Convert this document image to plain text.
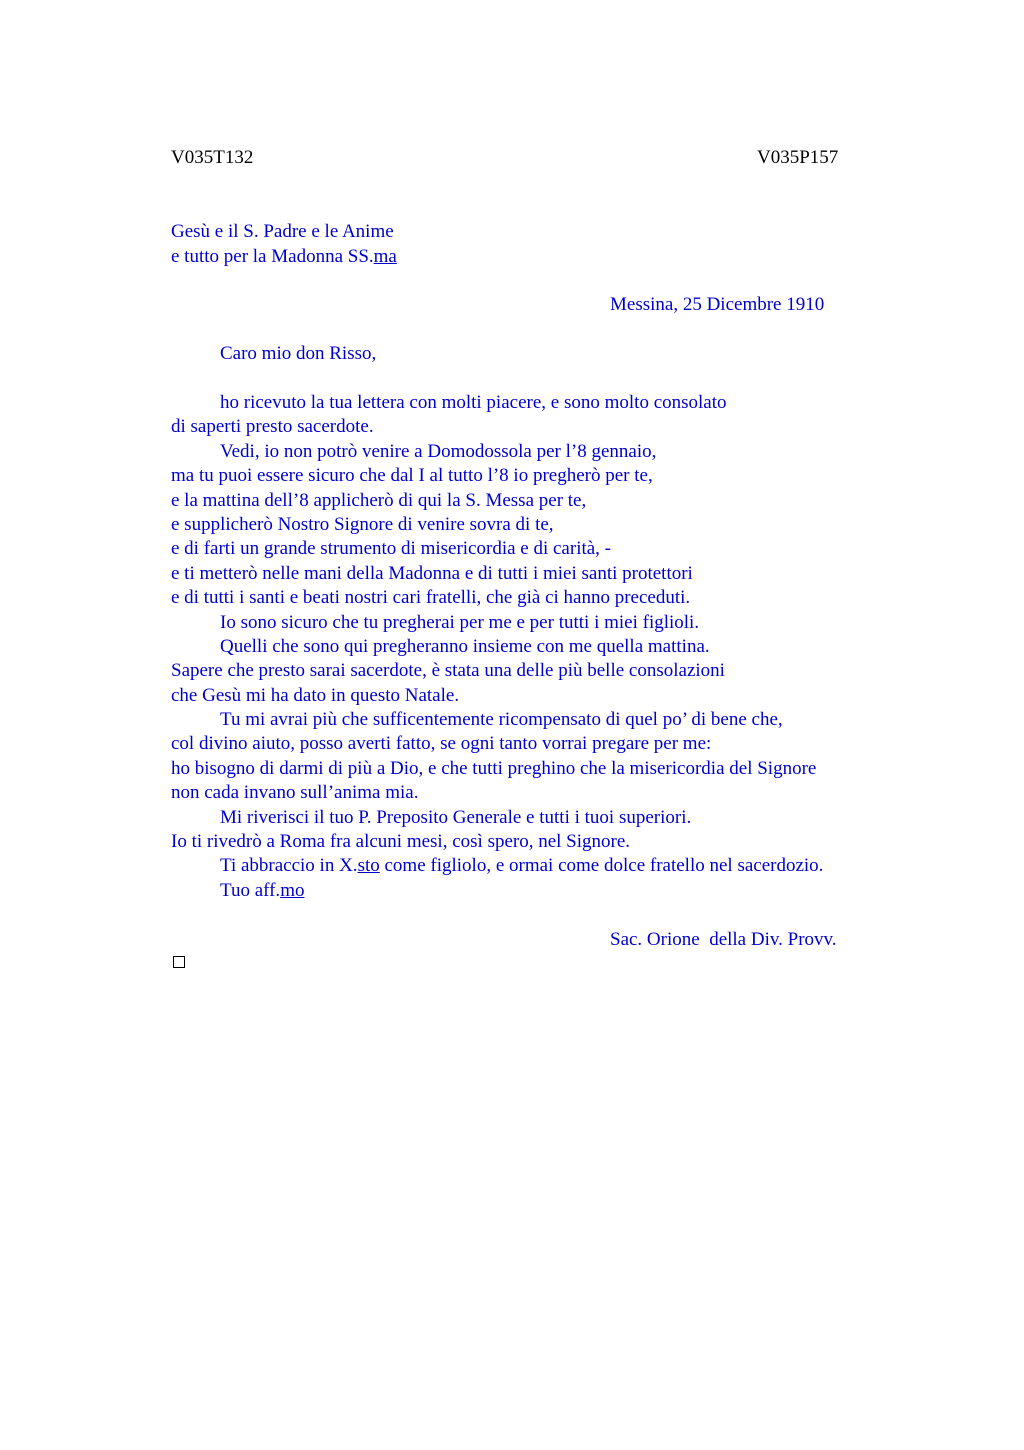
V035T132	V035P157
Gesù e il S. Padre e le Anime
e tutto per la Madonna SS.ma
Messina, 25 Dicembre 1910
Caro mio don Risso,
ho ricevuto la tua lettera con molti piacere, e sono molto consolato
di saperti presto sacerdote.
Vedi, io non potrò venire a Domodossola per l’8 gennaio,
ma tu puoi essere sicuro che dal I al tutto l’8 io pregherò per te,
e la mattina dell’8 applicherò di qui la S. Messa per te,
e supplicherò Nostro Signore di venire sovra di te,
e di farti un grande strumento di misericordia e di carità, -
e ti metterò nelle mani della Madonna e di tutti i miei santi protettori
e di tutti i santi e beati nostri cari fratelli, che già ci hanno preceduti.
Io sono sicuro che tu pregherai per me e per tutti i miei figlioli.
Quelli che sono qui pregheranno insieme con me quella mattina.
Sapere che presto sarai sacerdote, è stata una delle più belle consolazioni
che Gesù mi ha dato in questo Natale.
Tu mi avrai più che sufficentemente ricompensato di quel po’ di bene che,
col divino aiuto, posso averti fatto, se ogni tanto vorrai pregare per me:
ho bisogno di darmi di più a Dio, e che tutti preghino che la misericordia del Signore
non cada invano sull’anima mia.
Mi riverisci il tuo P. Preposito Generale e tutti i tuoi superiori.
Io ti rivedrò a Roma fra alcuni mesi, così spero, nel Signore.
Ti abbraccio in X.sto come figliolo, e ormai come dolce fratello nel sacerdozio.
Tuo aff.mo
Sac. Orione  della Div. Provv.
